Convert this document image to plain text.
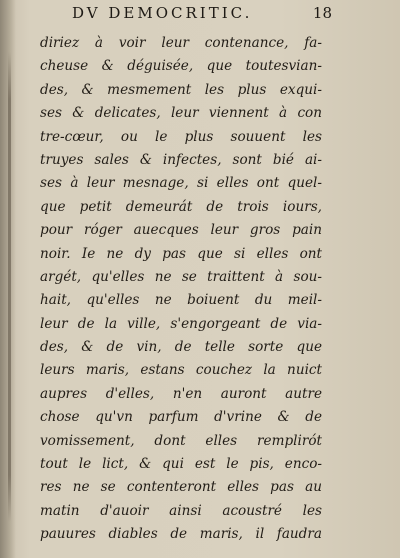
DV DEMOCRITIC.	18
diriez à voir leur contenance, fa-
cheuse & déguisée, que toutesvian-
des, & mesmement les plus exqui-
ses & delicates, leur viennent à con
tre-cœur, ou le plus souuent les
truyes sales & infectes, sont bié ai-
ses à leur mesnage, si elles ont quel-
que petit demeurát de trois iours,
pour róger auecques leur gros pain
noir. Ie ne dy pas que si elles ont
argét, qu'elles ne se traittent à sou-
hait, qu'elles ne boiuent du meil-
leur de la ville, s'engorgeant de via-
des, & de vin, de telle sorte que
leurs maris, estans couchez la nuict
aupres d'elles, n'en auront autre
chose qu'vn parfum d'vrine & de
vomissement, dont elles remplirót
tout le lict, & qui est le pis, enco-
res ne se contenteront elles pas au
matin d'auoir ainsi acoustré les
pauures diables de maris, il faudra
